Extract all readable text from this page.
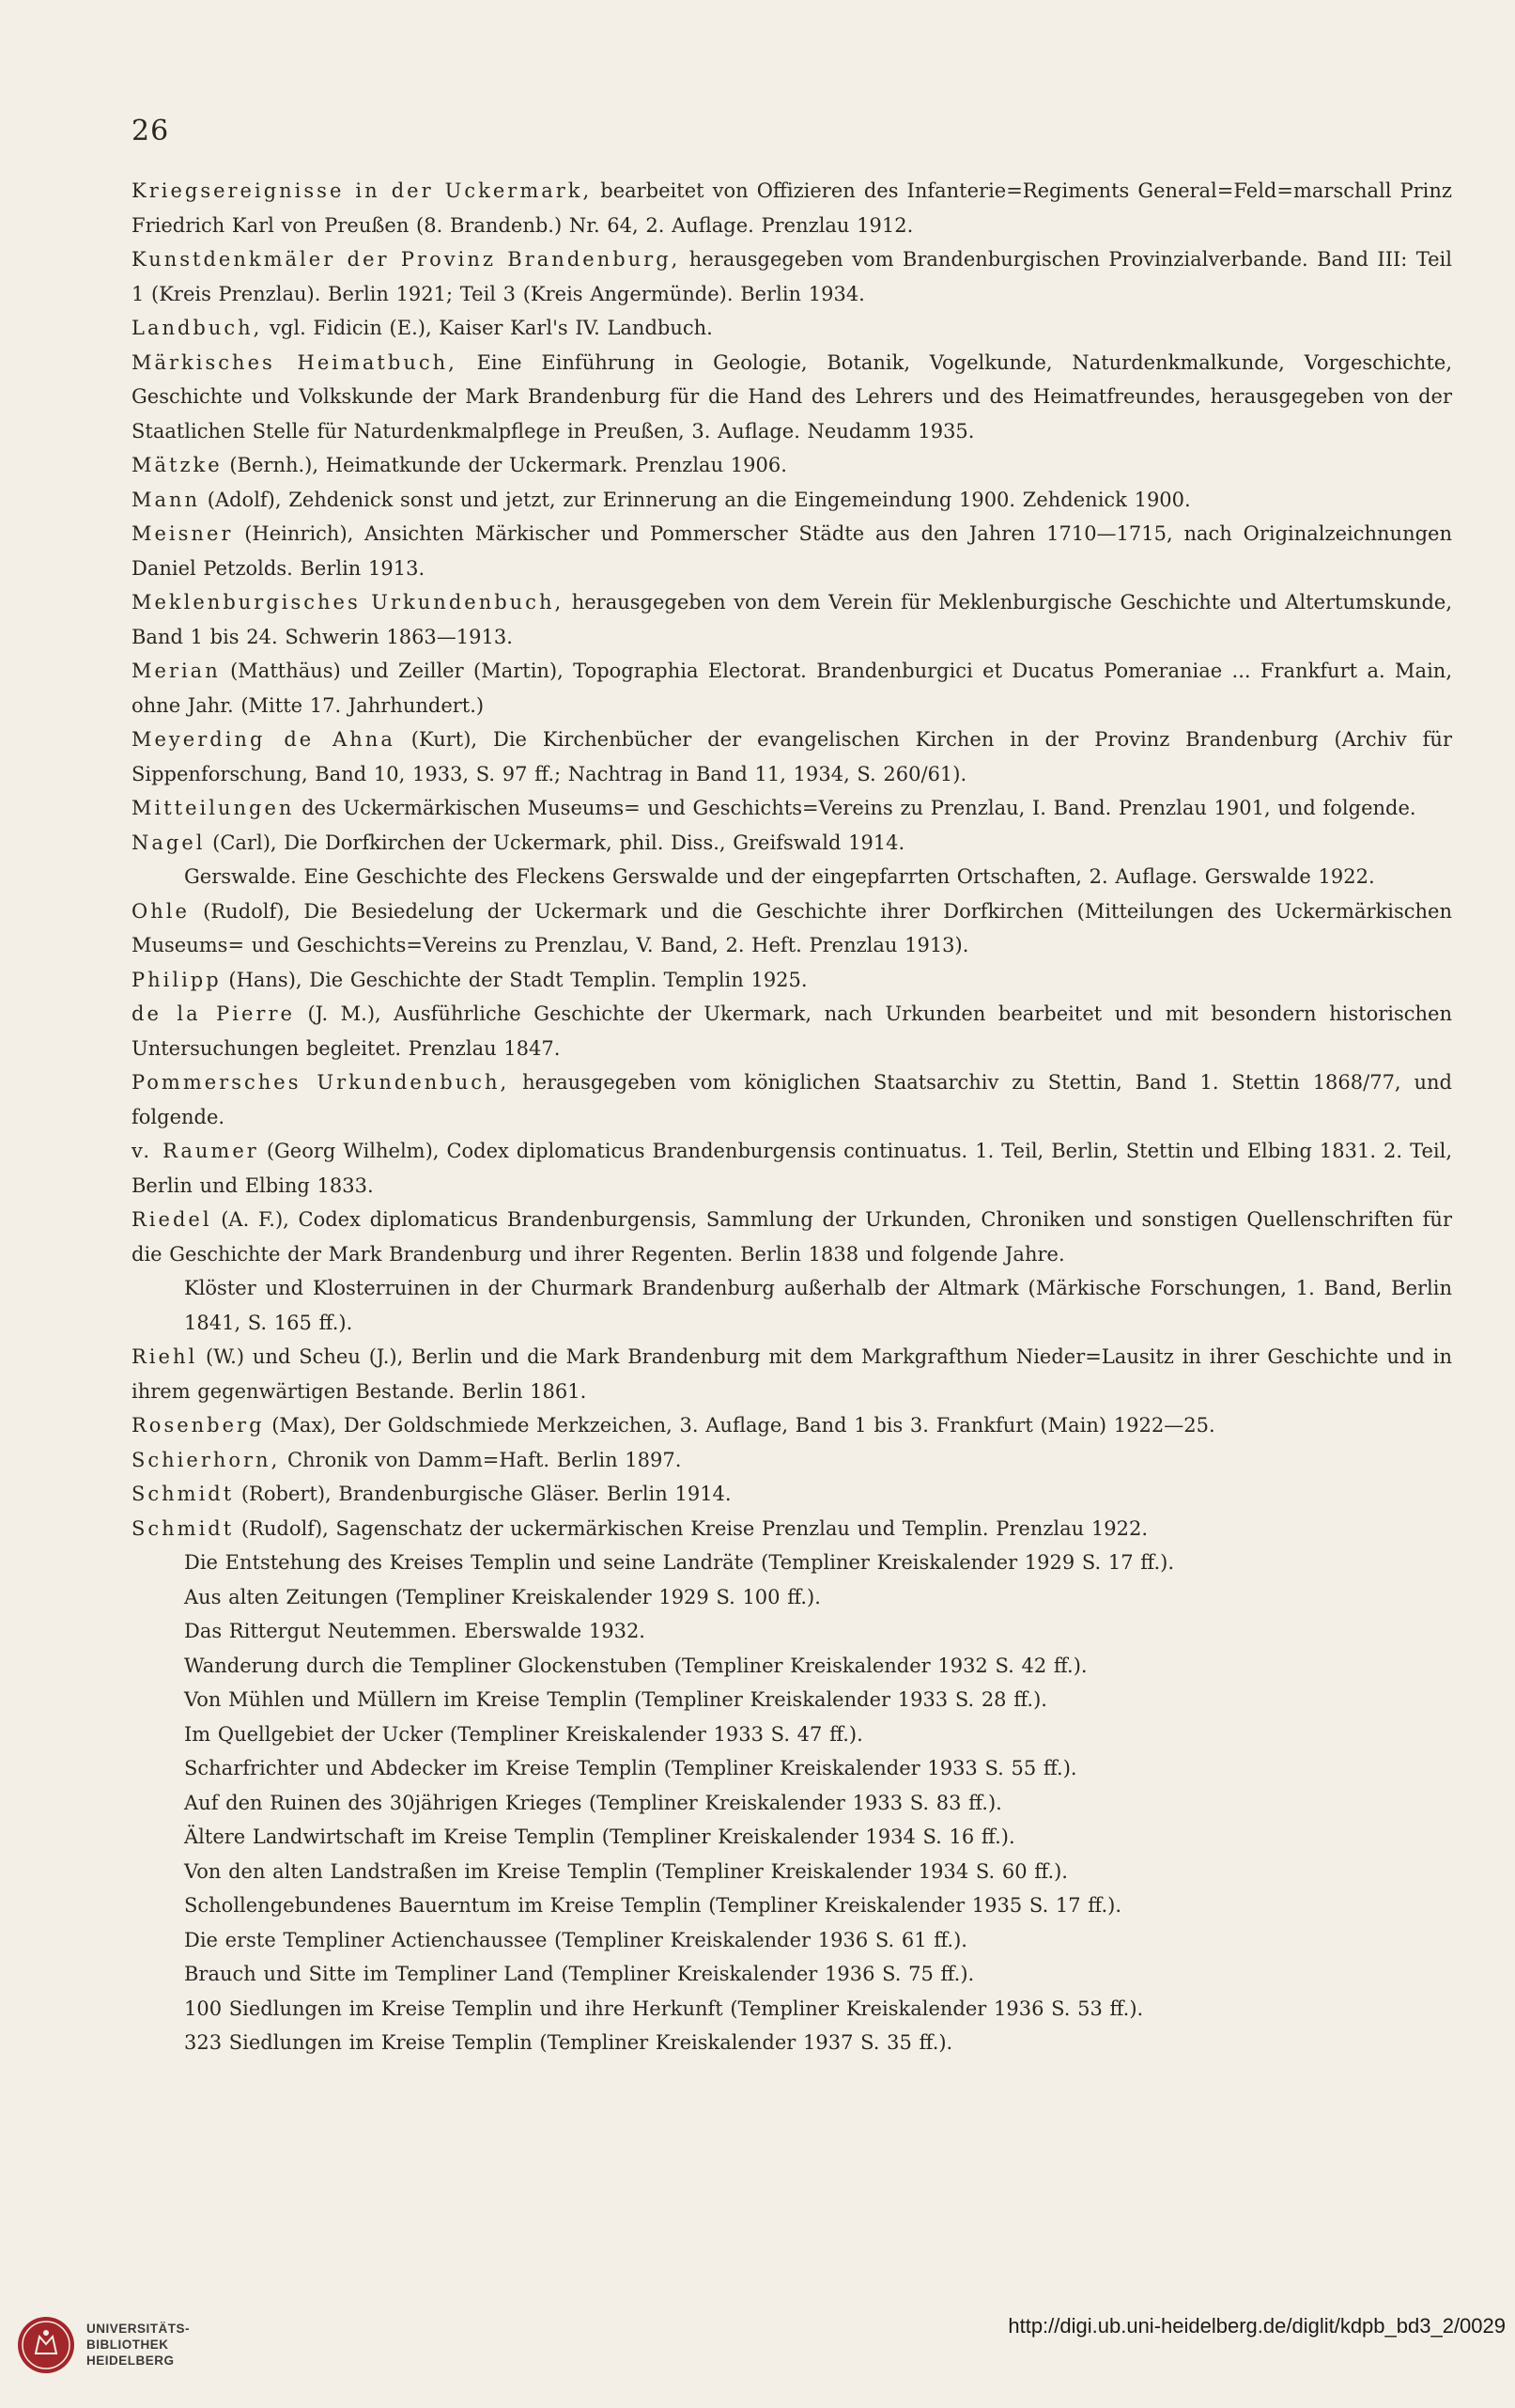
26

Kriegsereignisse in der Uckermark, bearbeitet von Offizieren des Infanterie=Regiments General=Feld=marschall Prinz Friedrich Karl von Preußen (8. Brandenb.) Nr. 64, 2. Auflage. Prenzlau 1912.

Kunstdenkmäler der Provinz Brandenburg, herausgegeben vom Brandenburgischen Provinzialverbande. Band III: Teil 1 (Kreis Prenzlau). Berlin 1921; Teil 3 (Kreis Angermünde). Berlin 1934.

Landbuch, vgl. Fidicin (E.), Kaiser Karl's IV. Landbuch.

Märkisches Heimatbuch, Eine Einführung in Geologie, Botanik, Vogelkunde, Naturdenkmalkunde, Vorgeschichte, Geschichte und Volkskunde der Mark Brandenburg für die Hand des Lehrers und des Heimatfreundes, herausgegeben von der Staatlichen Stelle für Naturdenkmalpflege in Preußen, 3. Auflage. Neudamm 1935.

Mätzke (Bernh.), Heimatkunde der Uckermark. Prenzlau 1906.

Mann (Adolf), Zehdenick sonst und jetzt, zur Erinnerung an die Eingemeindung 1900. Zehdenick 1900.

Meisner (Heinrich), Ansichten Märkischer und Pommerscher Städte aus den Jahren 1710—1715, nach Originalzeichnungen Daniel Petzolds. Berlin 1913.

Meklenburgisches Urkundenbuch, herausgegeben von dem Verein für Meklenburgische Geschichte und Altertumskunde, Band 1 bis 24. Schwerin 1863—1913.

Merian (Matthäus) und Zeiller (Martin), Topographia Electorat. Brandenburgici et Ducatus Pomeraniae ... Frankfurt a. Main, ohne Jahr. (Mitte 17. Jahrhundert.)

Meyerding de Ahna (Kurt), Die Kirchenbücher der evangelischen Kirchen in der Provinz Brandenburg (Archiv für Sippenforschung, Band 10, 1933, S. 97 ff.; Nachtrag in Band 11, 1934, S. 260/61).

Mitteilungen des Uckermärkischen Museums= und Geschichts=Vereins zu Prenzlau, I. Band. Prenzlau 1901, und folgende.

Nagel (Carl), Die Dorfkirchen der Uckermark, phil. Diss., Greifswald 1914.

Gerswalde. Eine Geschichte des Fleckens Gerswalde und der eingepfarrten Ortschaften, 2. Auflage. Gerswalde 1922.

Ohle (Rudolf), Die Besiedelung der Uckermark und die Geschichte ihrer Dorfkirchen (Mitteilungen des Uckermärkischen Museums= und Geschichts=Vereins zu Prenzlau, V. Band, 2. Heft. Prenzlau 1913).

Philipp (Hans), Die Geschichte der Stadt Templin. Templin 1925.

de la Pierre (J. M.), Ausführliche Geschichte der Ukermark, nach Urkunden bearbeitet und mit besondern historischen Untersuchungen begleitet. Prenzlau 1847.

Pommersches Urkundenbuch, herausgegeben vom königlichen Staatsarchiv zu Stettin, Band 1. Stettin 1868/77, und folgende.

v. Raumer (Georg Wilhelm), Codex diplomaticus Brandenburgensis continuatus. 1. Teil, Berlin, Stettin und Elbing 1831. 2. Teil, Berlin und Elbing 1833.

Riedel (A. F.), Codex diplomaticus Brandenburgensis, Sammlung der Urkunden, Chroniken und sonstigen Quellenschriften für die Geschichte der Mark Brandenburg und ihrer Regenten. Berlin 1838 und folgende Jahre.

Klöster und Klosterruinen in der Churmark Brandenburg außerhalb der Altmark (Märkische Forschungen, 1. Band, Berlin 1841, S. 165 ff.).

Riehl (W.) und Scheu (J.), Berlin und die Mark Brandenburg mit dem Markgrafthum Nieder=Lausitz in ihrer Geschichte und in ihrem gegenwärtigen Bestande. Berlin 1861.

Rosenberg (Max), Der Goldschmiede Merkzeichen, 3. Auflage, Band 1 bis 3. Frankfurt (Main) 1922—25.

Schierhorn, Chronik von Damm=Haft. Berlin 1897.

Schmidt (Robert), Brandenburgische Gläser. Berlin 1914.

Schmidt (Rudolf), Sagenschatz der uckermärkischen Kreise Prenzlau und Templin. Prenzlau 1922.

Die Entstehung des Kreises Templin und seine Landräte (Templiner Kreiskalender 1929 S. 17 ff.).

Aus alten Zeitungen (Templiner Kreiskalender 1929 S. 100 ff.).

Das Rittergut Neutemmen. Eberswalde 1932.

Wanderung durch die Templiner Glockenstuben (Templiner Kreiskalender 1932 S. 42 ff.).

Von Mühlen und Müllern im Kreise Templin (Templiner Kreiskalender 1933 S. 28 ff.).

Im Quellgebiet der Ucker (Templiner Kreiskalender 1933 S. 47 ff.).

Scharfrichter und Abdecker im Kreise Templin (Templiner Kreiskalender 1933 S. 55 ff.).

Auf den Ruinen des 30jährigen Krieges (Templiner Kreiskalender 1933 S. 83 ff.).

Ältere Landwirtschaft im Kreise Templin (Templiner Kreiskalender 1934 S. 16 ff.).

Von den alten Landstraßen im Kreise Templin (Templiner Kreiskalender 1934 S. 60 ff.).

Schollengebundenes Bauerntum im Kreise Templin (Templiner Kreiskalender 1935 S. 17 ff.).

Die erste Templiner Actienchaussee (Templiner Kreiskalender 1936 S. 61 ff.).

Brauch und Sitte im Templiner Land (Templiner Kreiskalender 1936 S. 75 ff.).

100 Siedlungen im Kreise Templin und ihre Herkunft (Templiner Kreiskalender 1936 S. 53 ff.).

323 Siedlungen im Kreise Templin (Templiner Kreiskalender 1937 S. 35 ff.).

UNIVERSITÄTS-
BIBLIOTHEK
HEIDELBERG
http://digi.ub.uni-heidelberg.de/diglit/kdpb_bd3_2/0029
